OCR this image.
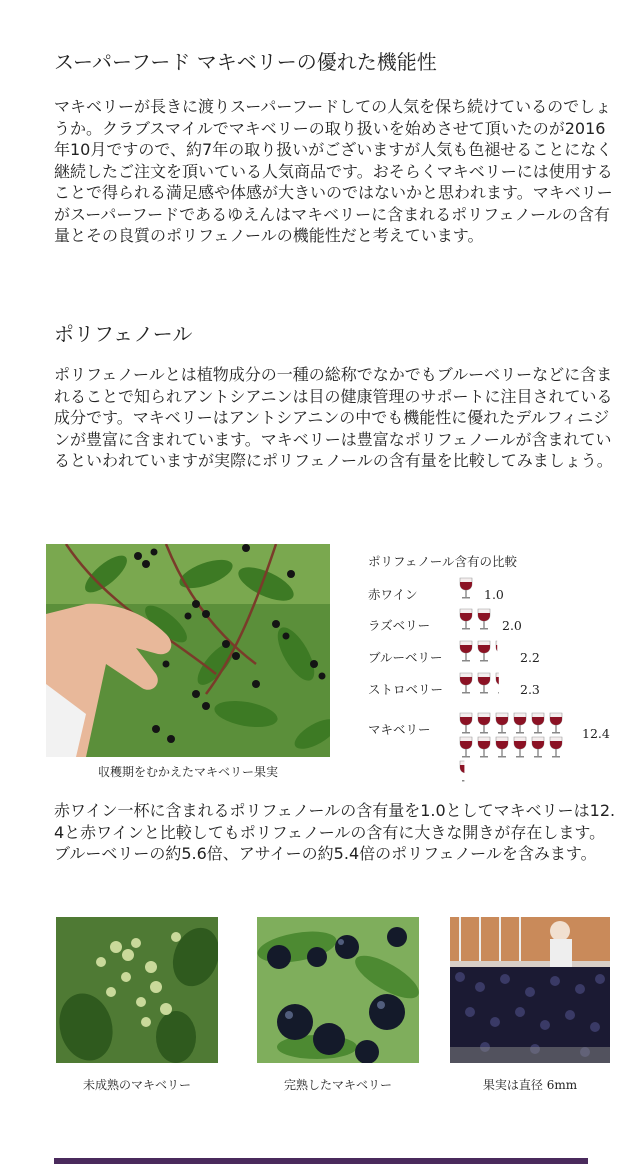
スーパーフード マキベリーの優れた機能性

マキベリーが長きに渡りスーパーフードしての人気を保ち続けているのでしょうか。クラブスマイルでマキベリーの取り扱いを始めさせて頂いたのが2016年10月ですので、約7年の取り扱いがございますが人気も色褪せることになく継続したご注文を頂いている人気商品です。おそらくマキベリーには使用することで得られる満足感や体感が大きいのではないかと思われます。マキベリーがスーパーフードであるゆえんはマキベリーに含まれるポリフェノールの含有量とその良質のポリフェノールの機能性だと考えています。

ポリフェノール

ポリフェノールとは植物成分の一種の総称でなかでもブルーベリーなどに含まれることで知られアントシアニンは目の健康管理のサポートに注目されている成分です。マキベリーはアントシアニンの中でも機能性に優れたデルフィニジンが豊富に含まれています。マキベリーは豊富なポリフェノールが含まれているといわれていますが実際にポリフェノールの含有量を比較してみましょう。

収穫期をむかえたマキベリー果実
ポリフェノール含有の比較
赤ワイン	1.0
ラズベリー	2.0
ブルーベリー	2.2
ストロベリー	2.3
マキベリー	12.4

赤ワイン一杯に含まれるポリフェノールの含有量を1.0としてマキベリーは12.4と赤ワインと比較してもポリフェノールの含有に大きな開きが存在します。ブルーベリーの約5.6倍、アサイーの約5.4倍のポリフェノールを含みます。

未成熟のマキベリー	完熟したマキベリー	果実は直径 6mm
